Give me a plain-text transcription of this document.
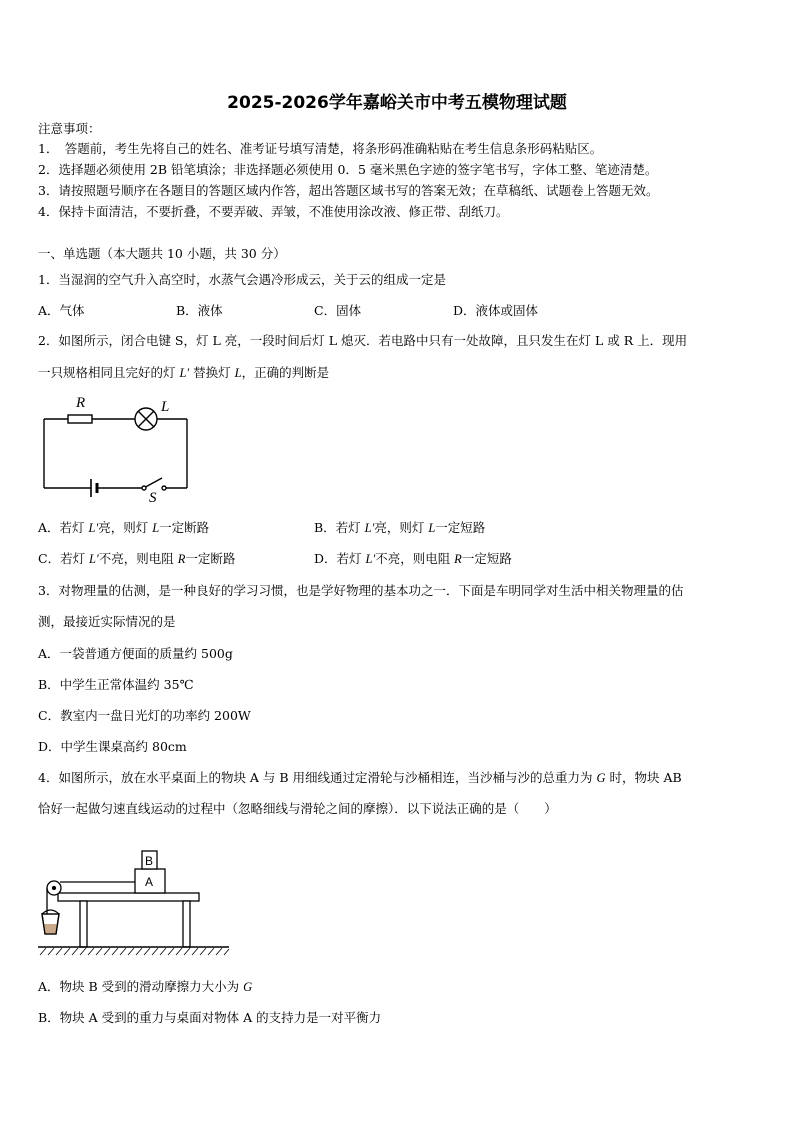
2025-2026学年嘉峪关市中考五模物理试题
注意事项：
1．　答题前，考生先将自己的姓名、准考证号填写清楚，将条形码准确粘贴在考生信息条形码粘贴区。
2．选择题必须使用 2B 铅笔填涂；非选择题必须使用 0．5 毫米黑色字迹的签字笔书写，字体工整、笔迹清楚。
3．请按照题号顺序在各题目的答题区域内作答，超出答题区域书写的答案无效；在草稿纸、试题卷上答题无效。
4．保持卡面清洁，不要折叠，不要弄破、弄皱，不准使用涂改液、修正带、刮纸刀。
一、单选题（本大题共 10 小题，共 30 分）
1．当湿润的空气升入高空时，水蒸气会遇冷形成云，关于云的组成一定是
A．气体	B．液体	C．固体	D．液体或固体
2．如图所示，闭合电键 S，灯 L 亮，一段时间后灯 L 熄灭．若电路中只有一处故障，且只发生在灯 L 或 R 上．现用
一只规格相同且完好的灯 L′ 替换灯 L，正确的判断是
R	L
S
A．若灯 L′亮，则灯 L一定断路	B．若灯 L′亮，则灯 L一定短路
C．若灯 L′不亮，则电阻 R一定断路	D．若灯 L′不亮，则电阻 R一定短路
3．对物理量的估测，是一种良好的学习习惯，也是学好物理的基本功之一．下面是车明同学对生活中相关物理量的估
测，最接近实际情况的是
A．一袋普通方便面的质量约 500g
B．中学生正常体温约 35℃
C．教室内一盘日光灯的功率约 200W
D．中学生课桌高约 80cm
4．如图所示，放在水平桌面上的物块 A 与 B 用细线通过定滑轮与沙桶相连，当沙桶与沙的总重力为 G 时，物块 AB
恰好一起做匀速直线运动的过程中（忽略细线与滑轮之间的摩擦）．以下说法正确的是（　　）
A
B
A．物块 B 受到的滑动摩擦力大小为 G
B．物块 A 受到的重力与桌面对物体 A 的支持力是一对平衡力
